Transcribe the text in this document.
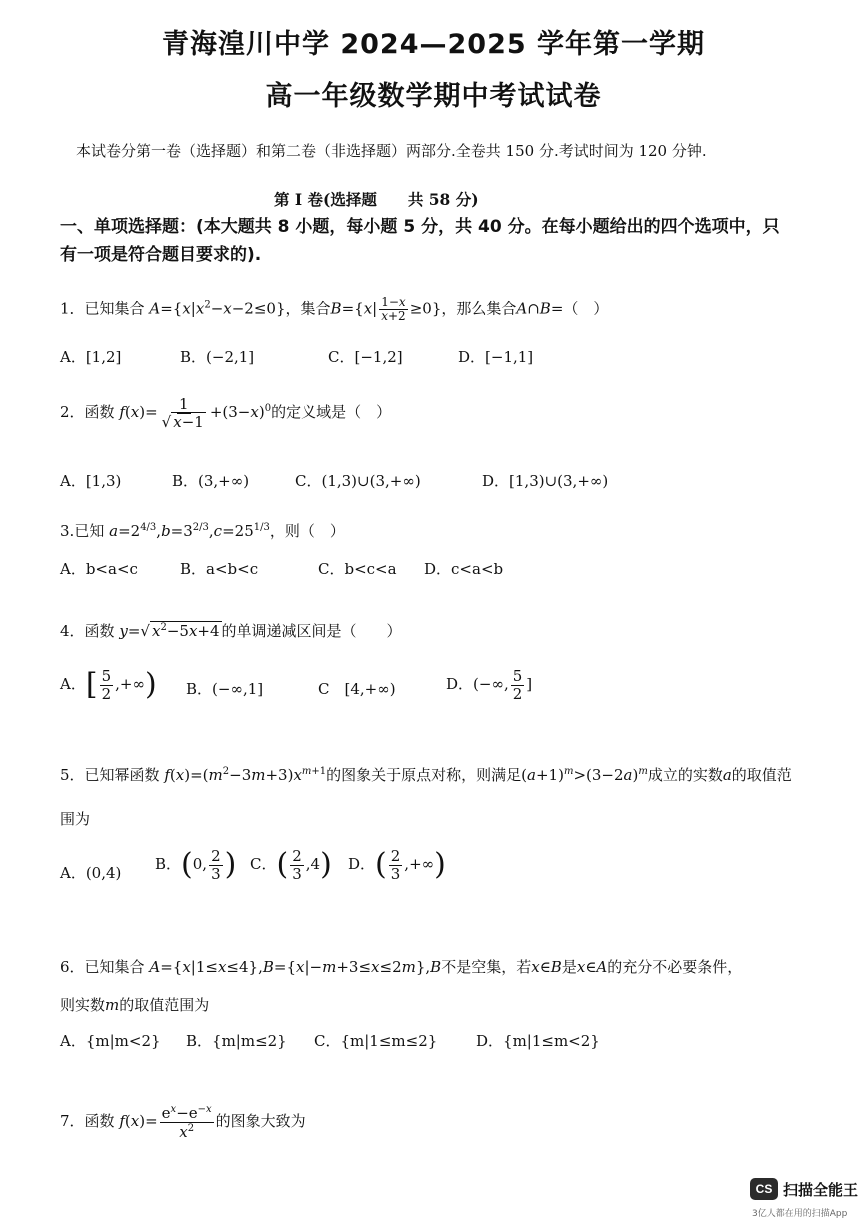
青海湟川中学 2024—2025 学年第一学期
高一年级数学期中考试试卷
本试卷分第一卷（选择题）和第二卷（非选择题）两部分.全卷共 150 分.考试时间为 120 分钟.
第 I 卷(选择题　　共 58 分)
一、单项选择题：(本大题共 8 小题，每小题 5 分，共 40 分。在每小题给出的四个选项中，只
有一项是符合题目要求的).
1．已知集合 $A=\{x|x^2-x-2\le 0\}$，集合$B=\{x| \frac{1-x}{x+2} \ge 0\}$，那么集合A∩B=（　）
A．[1,2]	B．(−2,1]	C．[−1,2]	D．[−1,1]
2．函数 $f(x)= \frac{1}{√ x-1} +(3-x)^0$的定义域是（　）
A．[1,3)	B．(3,+∞)	C．(1,3)∪(3,+∞)	D．[1,3)∪(3,+∞)
3.已知 $a=2^{4/3},b=3^{2/3},c=25^{1/3}$，则（　）
A．b<a<c	B．a<b<c	C．b<c<a D．c<a<b
4．函数 y=√ $x^2-5x+4$ 的单调递减区间是（　　）
A．[ $\frac{5}{2}$ ,+∞) B．(−∞,1]	C　[4,+∞)	D．(−∞, $\frac{5}{2}$ ]
5．已知幂函数 $f(x)=(m^2-3m+3)x^{m+1}$的图象关于原点对称，则满足$(a+1)^m>(3-2a)^m$成立的实数a的取值范
围为
A．(0,4) B．(0, $\frac{2}{3}$ ) C．( $\frac{2}{3} ,4$) D．( $\frac{2}{3}$ ,+∞)
6．已知集合 A={x|1≤x≤4},B={x|−m+3≤x≤2m},B不是空集，若x∈B是x∈A的充分不必要条件，
则实数m的取值范围为
A．{m|m<2} B．{m|m≤2} C．{m|1≤m≤2}	D．{m|1≤m<2}
7．函数 $f(x)= \frac{e^x-e^{-x}}{x^2}$ 的图象大致为
CS 扫描全能王
3亿人都在用的扫描App
